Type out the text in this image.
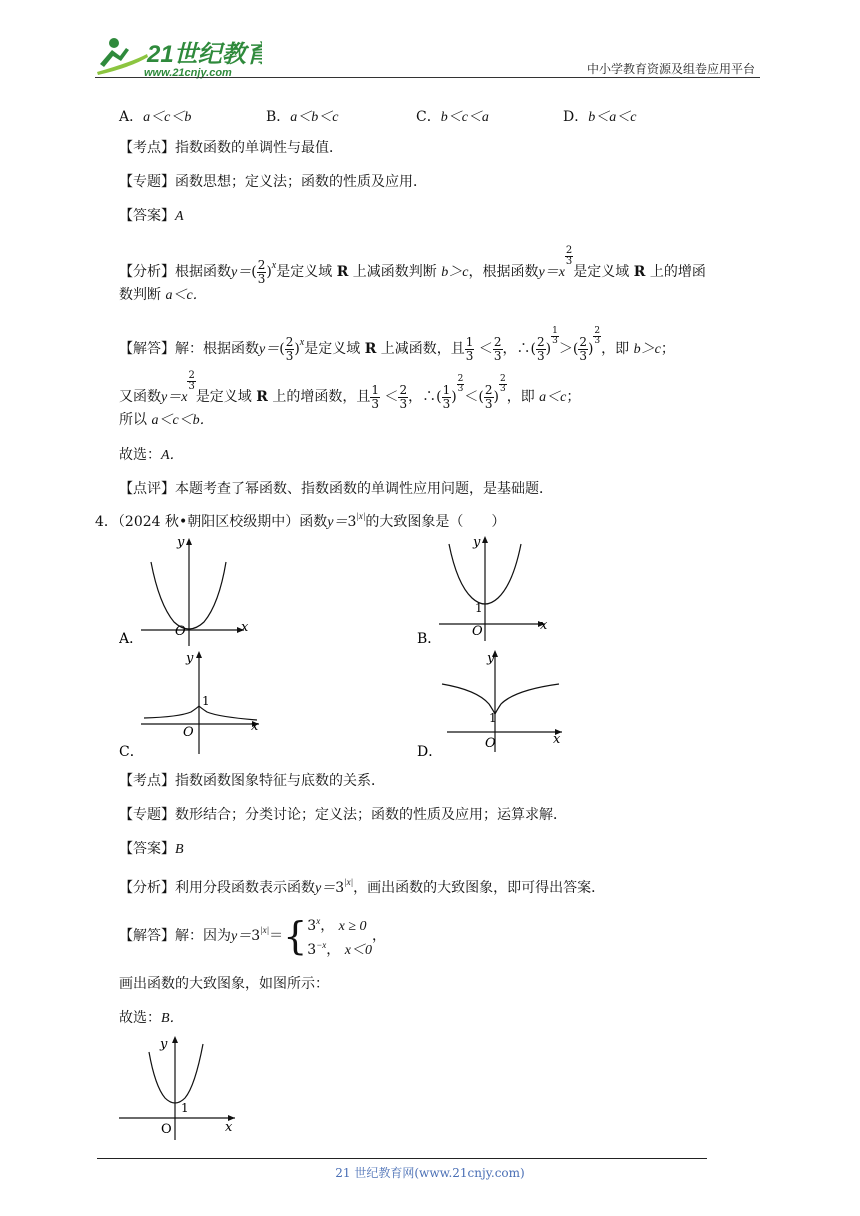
21世纪教育
www.21cnjy.com	中小学教育资源及组卷应用平台
A．a＜c＜b	B．a＜b＜c	C．b＜c＜a	D．b＜a＜c
【考点】指数函数的单调性与最值．
【专题】函数思想；定义法；函数的性质及应用．
【答案】A
【分析】根据函数$y=( \frac{2}{3} )^x$是定义域 R 上减函数判断 b＞c，根据函数y＝x
$\frac{2}{3}$
是定义域 R 上的增函
数判断 a＜c．
【解答】解：根据函数$y=( \frac{2}{3} )^x$是定义域 R 上减函数，且 $\frac{1}{3} < \frac{2}{3}$ ，∴( $\frac{2}{3}$ )
$\frac{1}{3}$
＞( $\frac{2}{3}$ )
$\frac{2}{3}$
，即 b＞c；
又函数y＝x
$\frac{2}{3}$
是定义域 R 上的增函数，且 $\frac{1}{3} < \frac{2}{3}$ ，∴( $\frac{1}{3}$ )
$\frac{2}{3}$
＜( $\frac{2}{3}$ )
$\frac{2}{3}$
，即 a＜c；
所以 a＜c＜b．
故选：A．
【点评】本题考查了幂函数、指数函数的单调性应用问题，是基础题．
4．（2024 秋•朝阳区校级期中）函数$y=3^{|x|}$的大致图象是（　　）
y
x
O
A．
y
x
O
1
B．
y
x
O
1
C．
y
x
O
1
D．
【考点】指数函数图象特征与底数的关系．
【专题】数形结合；分类讨论；定义法；函数的性质及应用；运算求解．
【答案】B
【分析】利用分段函数表示函数$y=3^{|x|}$，画出函数的大致图象，即可得出答案．
【解答】解：因为$y=3^{|x|}=${ 3$^x$， x ≥ 0
$3^{-x}$， x＜0
，
画出函数的大致图象，如图所示：
故选：B．
y
x
O
1
21 世纪教育网(www.21cnjy.com)
